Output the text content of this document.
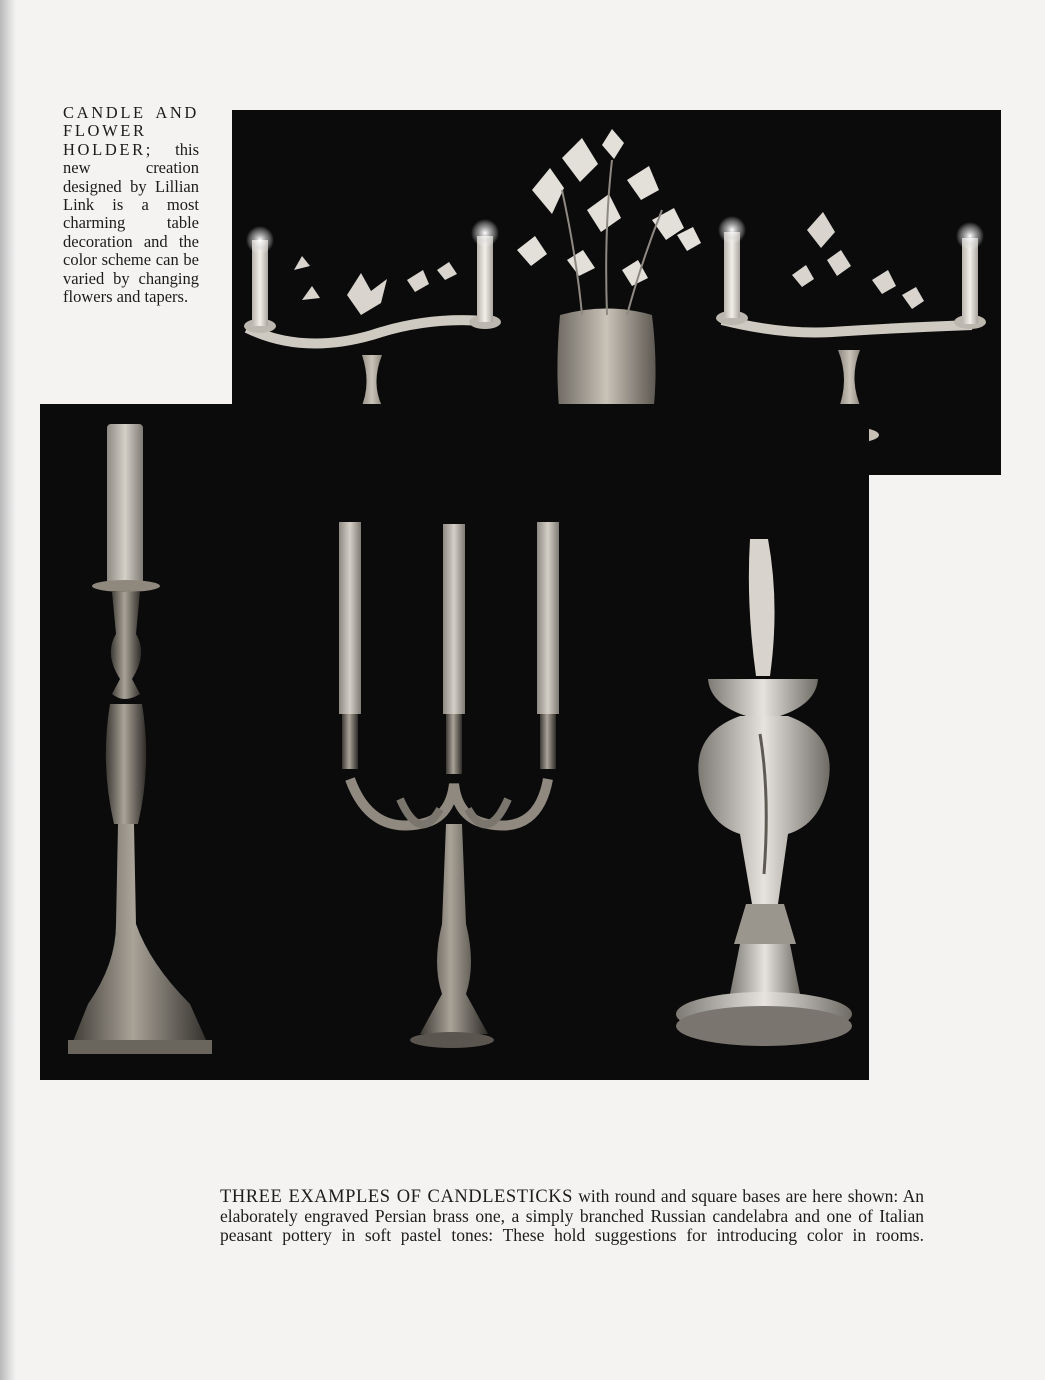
CANDLE AND FLOWER HOLDER; this new creation designed by Lillian Link is a most charming table decoration and the color scheme can be varied by changing flowers and tapers.

THREE EXAMPLES OF CANDLESTICKS with round and square bases are here shown: An elaborately engraved Persian brass one, a simply branched Russian candelabra and one of Italian peasant pottery in soft pastel tones: These hold suggestions for introducing color in rooms.
